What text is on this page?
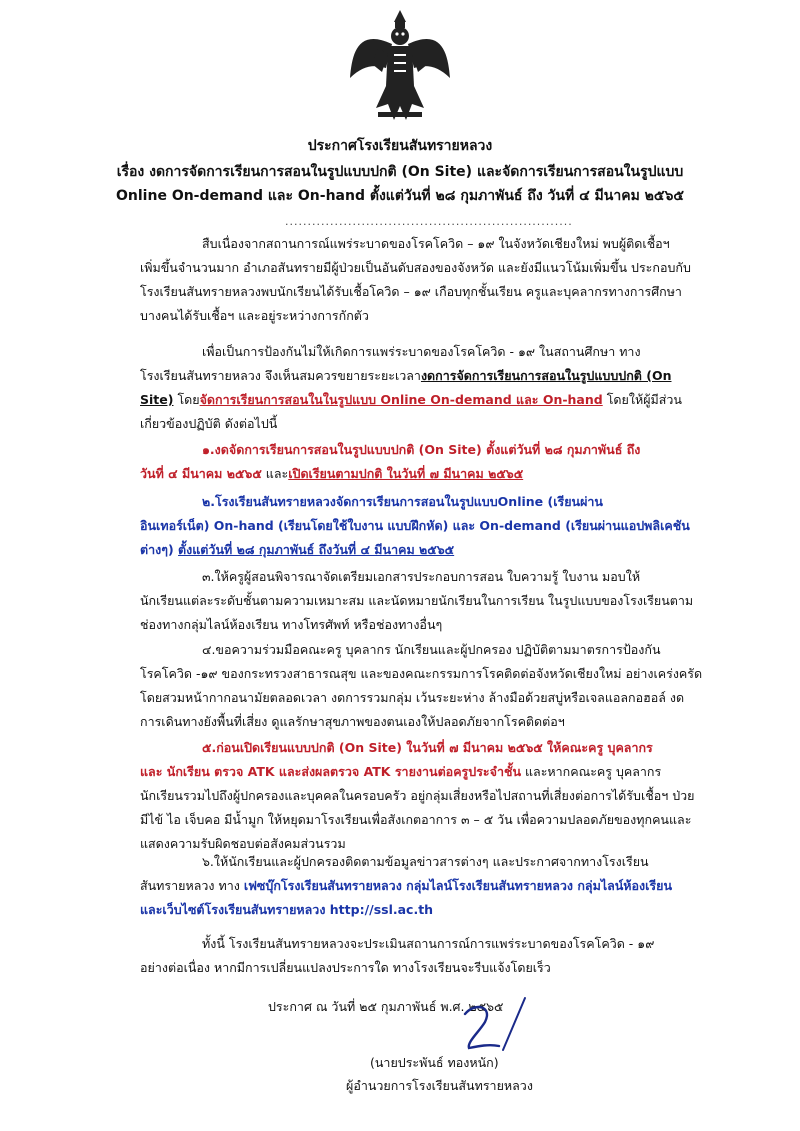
ประกาศโรงเรียนสันทรายหลวง
เรื่อง งดการจัดการเรียนการสอนในรูปแบบปกติ (On Site) และจัดการเรียนการสอนในรูปแบบ
Online On-demand และ On-hand ตั้งแต่วันที่ ๒๘ กุมภาพันธ์ ถึง วันที่ ๔ มีนาคม ๒๕๖๕
................................................................
สืบเนื่องจากสถานการณ์แพร่ระบาดของโรคโควิด – ๑๙ ในจังหวัดเชียงใหม่ พบผู้ติดเชื้อฯ
เพิ่มขึ้นจำนวนมาก อำเภอสันทรายมีผู้ป่วยเป็นอันดับสองของจังหวัด และยังมีแนวโน้มเพิ่มขึ้น ประกอบกับ
โรงเรียนสันทรายหลวงพบนักเรียนได้รับเชื้อโควิด – ๑๙ เกือบทุกชั้นเรียน ครูและบุคลากรทางการศึกษา
บางคนได้รับเชื้อฯ และอยู่ระหว่างการกักตัว
เพื่อเป็นการป้องกันไม่ให้เกิดการแพร่ระบาดของโรคโควิด - ๑๙ ในสถานศึกษา ทาง
โรงเรียนสันทรายหลวง จึงเห็นสมควรขยายระยะเวลางดการจัดการเรียนการสอนในรูปแบบปกติ (On
Site) โดยจัดการเรียนการสอนในในรูปแบบ Online On-demand และ On-hand โดยให้ผู้มีส่วน
เกี่ยวข้องปฏิบัติ ดังต่อไปนี้
๑.งดจัดการเรียนการสอนในรูปแบบปกติ (On Site) ตั้งแต่วันที่ ๒๘ กุมภาพันธ์ ถึง
วันที่ ๔ มีนาคม ๒๕๖๕ และเปิดเรียนตามปกติ ในวันที่ ๗ มีนาคม ๒๕๖๕
๒.โรงเรียนสันทรายหลวงจัดการเรียนการสอนในรูปแบบOnline (เรียนผ่าน
อินเทอร์เน็ต) On-hand (เรียนโดยใช้ใบงาน แบบฝึกหัด) และ On-demand (เรียนผ่านแอปพลิเคชัน
ต่างๆ) ตั้งแต่วันที่ ๒๘ กุมภาพันธ์ ถึงวันที่ ๔ มีนาคม ๒๕๖๕
๓.ให้ครูผู้สอนพิจารณาจัดเตรียมเอกสารประกอบการสอน ใบความรู้ ใบงาน มอบให้
นักเรียนแต่ละระดับชั้นตามความเหมาะสม และนัดหมายนักเรียนในการเรียน ในรูปแบบของโรงเรียนตาม
ช่องทางกลุ่มไลน์ห้องเรียน ทางโทรศัพท์ หรือช่องทางอื่นๆ
๔.ขอความร่วมมือคณะครู บุคลากร นักเรียนและผู้ปกครอง ปฏิบัติตามมาตรการป้องกัน
โรคโควิด -๑๙ ของกระทรวงสาธารณสุข และของคณะกรรมการโรคติดต่อจังหวัดเชียงใหม่ อย่างเคร่งครัด
โดยสวมหน้ากากอนามัยตลอดเวลา งดการรวมกลุ่ม เว้นระยะห่าง ล้างมือด้วยสบู่หรือเจลแอลกอฮอล์ งด
การเดินทางยังพื้นที่เสี่ยง ดูแลรักษาสุขภาพของตนเองให้ปลอดภัยจากโรคติดต่อฯ
๕.ก่อนเปิดเรียนแบบปกติ (On Site) ในวันที่ ๗ มีนาคม ๒๕๖๕ ให้คณะครู บุคลากร
และ นักเรียน ตรวจ ATK และส่งผลตรวจ ATK รายงานต่อครูประจำชั้น และหากคณะครู บุคลากร
นักเรียนรวมไปถึงผู้ปกครองและบุคคลในครอบครัว อยู่กลุ่มเสี่ยงหรือไปสถานที่เสี่ยงต่อการได้รับเชื้อฯ ป่วย
มีไข้ ไอ เจ็บคอ มีน้ำมูก ให้หยุดมาโรงเรียนเพื่อสังเกตอาการ ๓ – ๕ วัน เพื่อความปลอดภัยของทุกคนและ
แสดงความรับผิดชอบต่อสังคมส่วนรวม
๖.ให้นักเรียนและผู้ปกครองติดตามข้อมูลข่าวสารต่างๆ และประกาศจากทางโรงเรียน
สันทรายหลวง ทาง เฟซบุ๊กโรงเรียนสันทรายหลวง กลุ่มไลน์โรงเรียนสันทรายหลวง กลุ่มไลน์ห้องเรียน
และเว็บไซต์โรงเรียนสันทรายหลวง http://ssl.ac.th
ทั้งนี้ โรงเรียนสันทรายหลวงจะประเมินสถานการณ์การแพร่ระบาดของโรคโควิด - ๑๙
อย่างต่อเนื่อง หากมีการเปลี่ยนแปลงประการใด ทางโรงเรียนจะรีบแจ้งโดยเร็ว
ประกาศ ณ วันที่ ๒๕ กุมภาพันธ์ พ.ศ. ๒๕๖๕
(นายประพันธ์ ทองหนัก)
ผู้อำนวยการโรงเรียนสันทรายหลวง
